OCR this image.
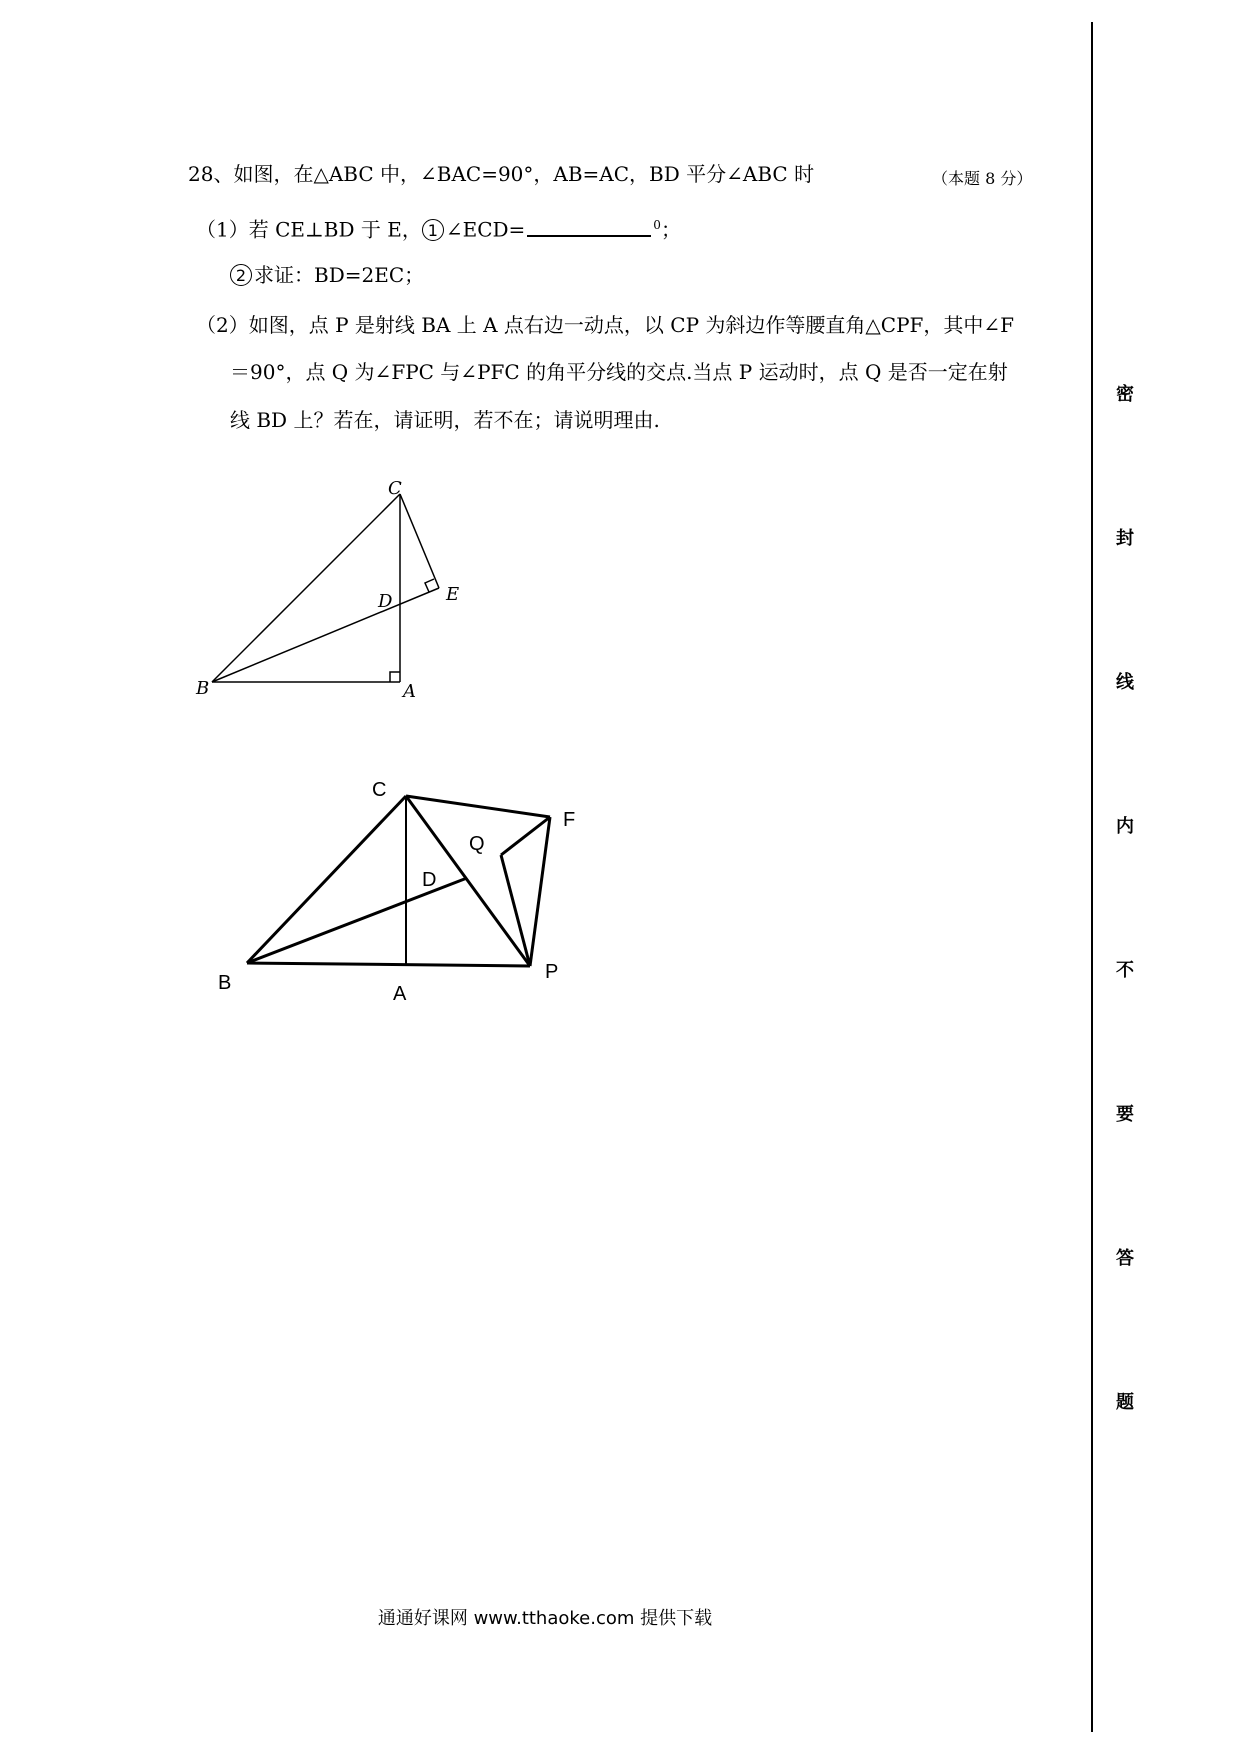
28、如图，在△ABC 中，∠BAC=90°，AB=AC，BD 平分∠ABC 时	（本题 8 分）
（1）若 CE⊥BD 于 E， 1 ∠ECD=	$^0$；
2 求证：BD=2EC；
（2）如图，点 P 是射线 BA 上 A 点右边一动点，以 CP 为斜边作等腰直角△CPF，其中∠F
＝90°，点 Q 为∠FPC 与∠PFC 的角平分线的交点.当点 P 运动时，点 Q 是否一定在射
线 BD 上？若在，请证明，若不在；请说明理由.
C
D	E
B	A
C
F
Q
D
B	A
P
密
封
线
内
不
要
答
题
通通好课网 www.tthaoke.com 提供下载
